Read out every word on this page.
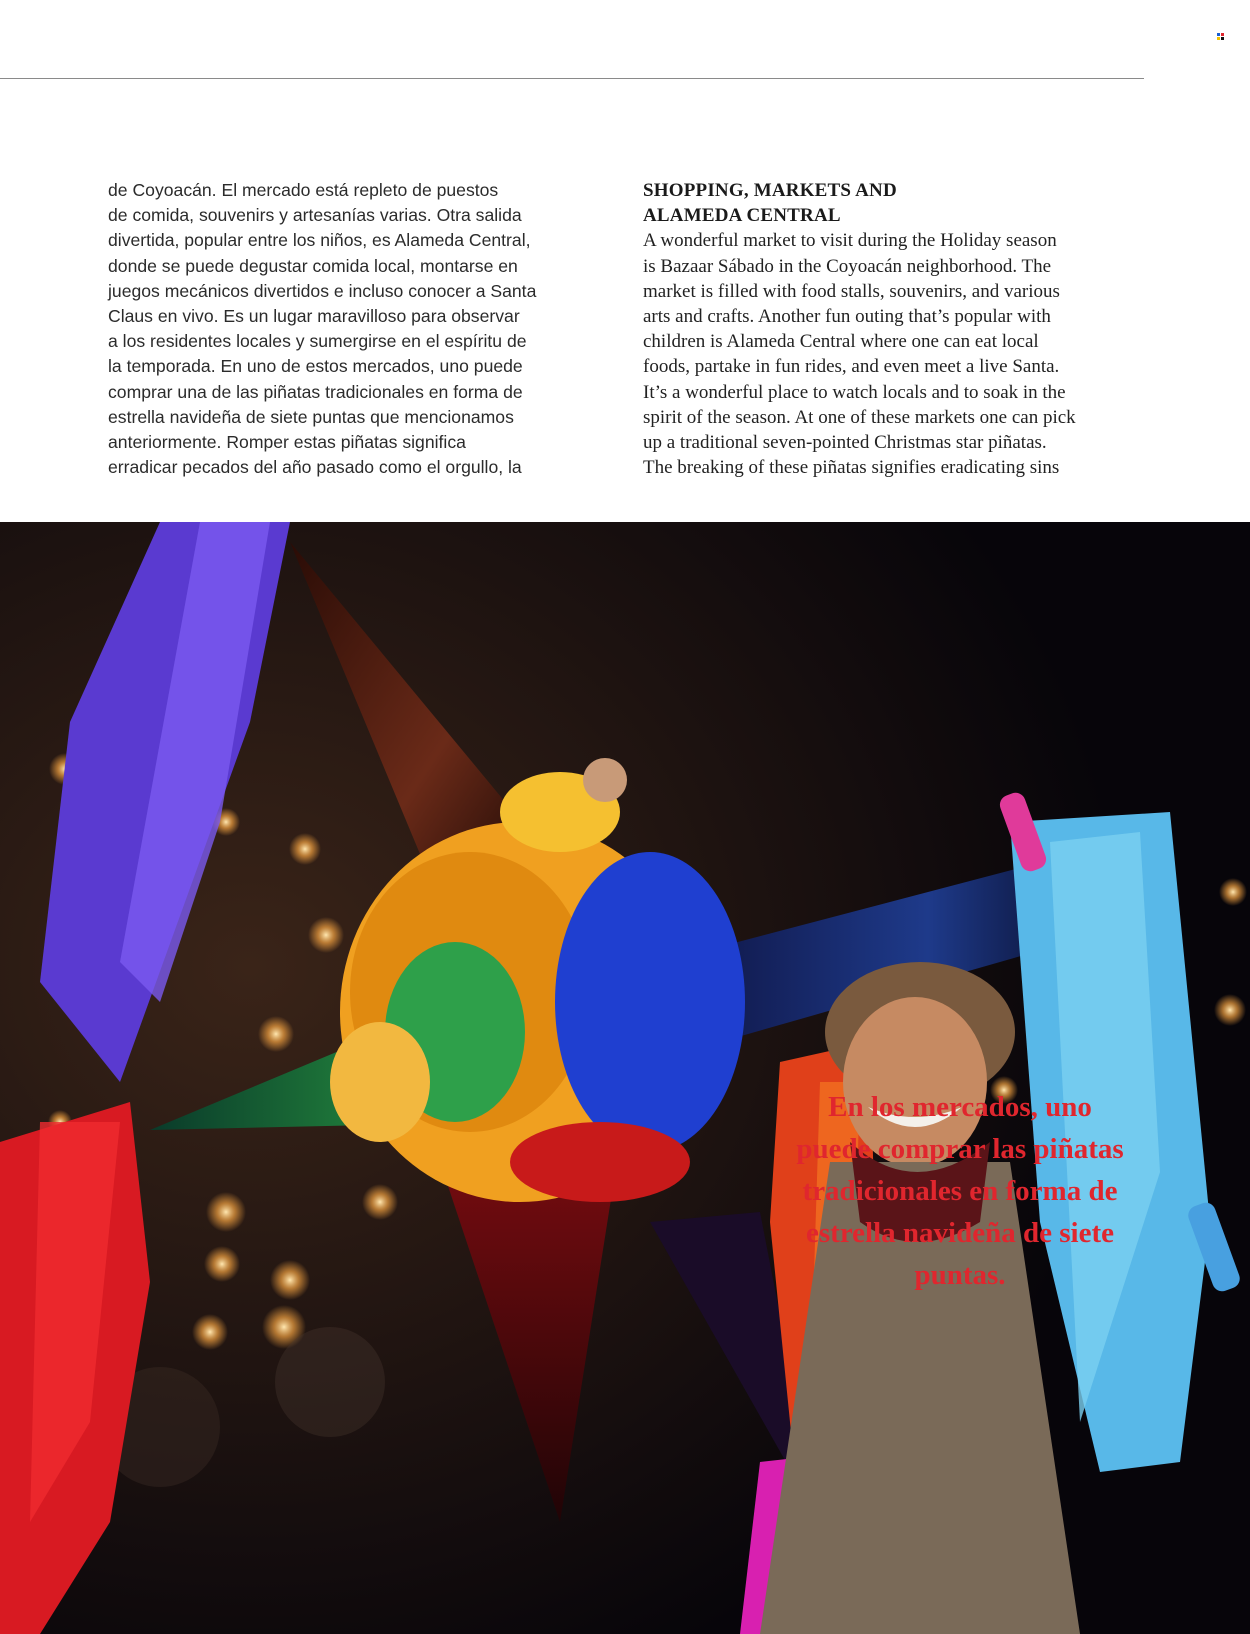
de Coyoacán. El mercado está repleto de puestos
de comida, souvenirs y artesanías varias. Otra salida
divertida, popular entre los niños, es Alameda Central,
donde se puede degustar comida local, montarse en
juegos mecánicos divertidos e incluso conocer a Santa
Claus en vivo. Es un lugar maravilloso para observar
a los residentes locales y sumergirse en el espíritu de
la temporada. En uno de estos mercados, uno puede
comprar una de las piñatas tradicionales en forma de
estrella navideña de siete puntas que mencionamos
anteriormente. Romper estas piñatas significa
erradicar pecados del año pasado como el orgullo, la
SHOPPING, MARKETS AND
ALAMEDA CENTRAL
A wonderful market to visit during the Holiday season
is Bazaar Sábado in the Coyoacán neighborhood. The
market is filled with food stalls, souvenirs, and various
arts and crafts. Another fun outing that’s popular with
children is Alameda Central where one can eat local
foods, partake in fun rides, and even meet a live Santa.
It’s a wonderful place to watch locals and to soak in the
spirit of the season. At one of these markets one can pick
up a traditional seven-pointed Christmas star piñatas.
The breaking of these piñatas signifies eradicating sins
En los mercados, uno
puede comprar las piñatas
tradicionales en forma de
estrella navideña de siete
puntas.
